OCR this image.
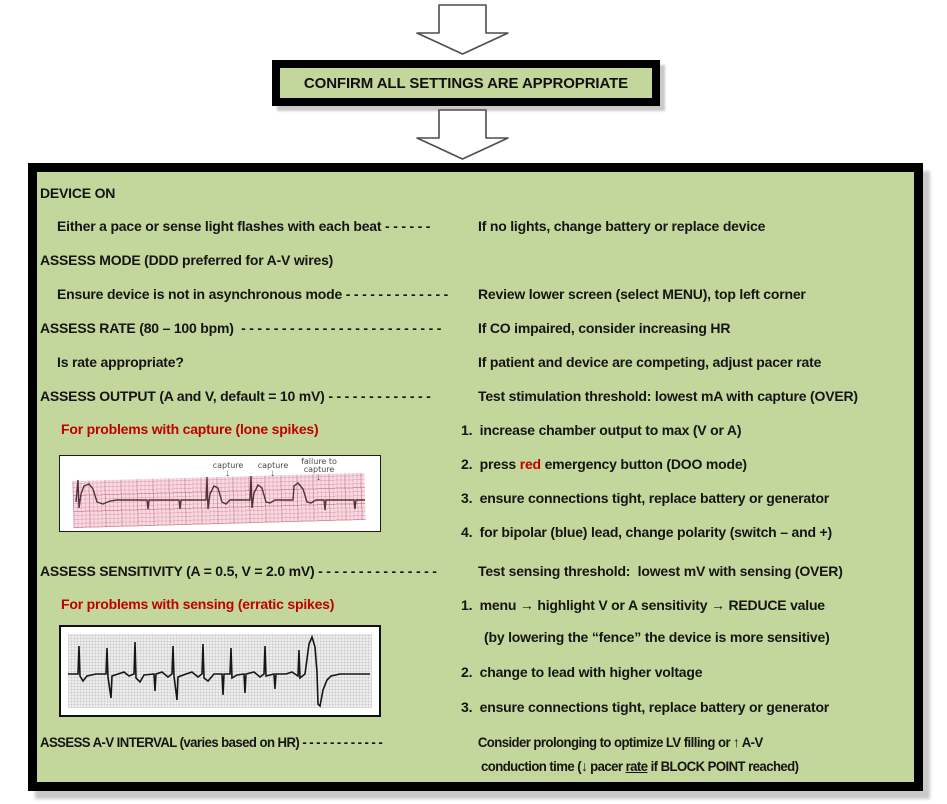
CONFIRM ALL SETTINGS ARE APPROPRIATE
DEVICE ON
Either a pace or sense light flashes with each beat - - - - - -	If no lights, change battery or replace device
ASSESS MODE (DDD preferred for A-V wires)
Ensure device is not in asynchronous mode - - - - - - - - - - - - - Review lower screen (select MENU), top left corner
ASSESS RATE (80 – 100 bpm)  - - - - - - - - - - - - - - - - - - - - - - - - -	If CO impaired, consider increasing HR
Is rate appropriate?	If patient and device are competing, adjust pacer rate
ASSESS OUTPUT (A and V, default = 10 mV) - - - - - - - - - - - - -	Test stimulation threshold: lowest mA with capture (OVER)
For problems with capture (lone spikes)	1.  increase chamber output to max (V or A)
2.  press red emergency button (DOO mode)
3.  ensure connections tight, replace battery or generator
4.  for bipolar (blue) lead, change polarity (switch – and +)
capture
↓
capture
↓
failure to capture
↓
ASSESS SENSITIVITY (A = 0.5, V = 2.0 mV) - - - - - - - - - - - - - - -	Test sensing threshold:  lowest mV with sensing (OVER)
For problems with sensing (erratic spikes)	1.  menu → highlight V or A sensitivity → REDUCE value
(by lowering the “fence” the device is more sensitive)
2.  change to lead with higher voltage
3.  ensure connections tight, replace battery or generator
ASSESS A-V INTERVAL (varies based on HR) - - - - - - - - - - - -	Consider prolonging to optimize LV filling or ↑ A-V
conduction time (↓ pacer rate if BLOCK POINT reached)
